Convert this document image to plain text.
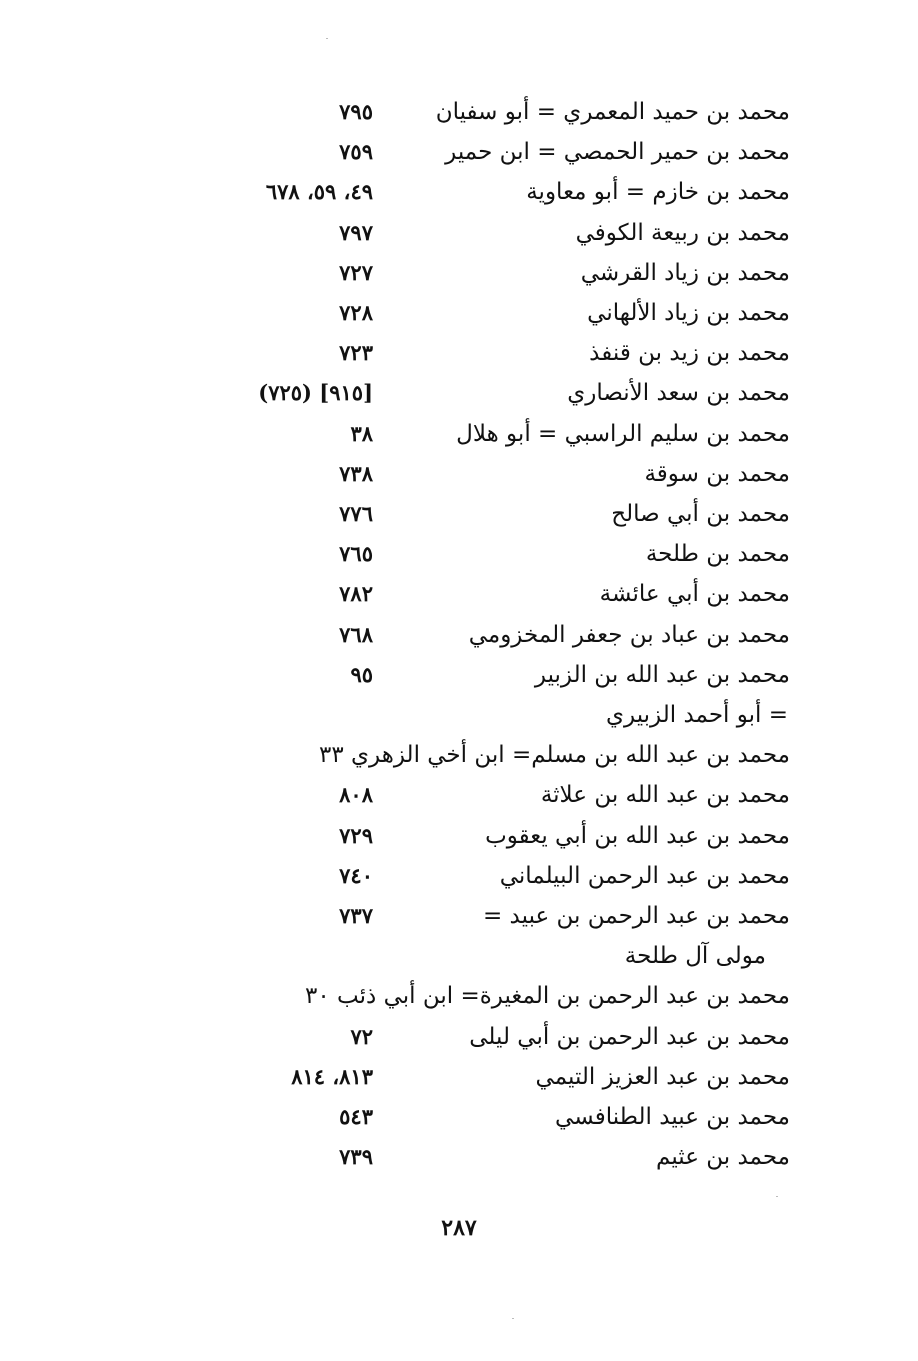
محمد بن حميد المعمري = أبو سفيان
٧٩٥
محمد بن حمير الحمصي = ابن حمير
٧٥٩
محمد بن خازم = أبو معاوية
٤٩، ٥٩، ٦٧٨
محمد بن ربيعة الكوفي
٧٩٧
محمد بن زياد القرشي
٧٢٧
محمد بن زياد الألهاني
٧٢٨
محمد بن زيد بن قنفذ
٧٢٣
محمد بن سعد الأنصاري
[٩١٥] (٧٢٥)
محمد بن سليم الراسبي = أبو هلال
٣٨
محمد بن سوقة
٧٣٨
محمد بن أبي صالح
٧٧٦
محمد بن طلحة
٧٦٥
محمد بن أبي عائشة
٧٨٢
محمد بن عباد بن جعفر المخزومي
٧٦٨
محمد بن عبد الله بن الزبير
٩٥
= أبو أحمد الزبيري
محمد بن عبد الله بن مسلم= ابن أخي الزهري ٣٣
محمد بن عبد الله بن علاثة
٨٠٨
محمد بن عبد الله بن أبي يعقوب
٧٢٩
محمد بن عبد الرحمن البيلماني
٧٤٠
محمد بن عبد الرحمن بن عبيد =
٧٣٧
مولى آل طلحة
محمد بن عبد الرحمن بن المغيرة= ابن أبي ذئب ٣٠
محمد بن عبد الرحمن بن أبي ليلى
٧٢
محمد بن عبد العزيز التيمي
٨١٣، ٨١٤
محمد بن عبيد الطنافسي
٥٤٣
محمد بن عثيم
٧٣٩
٢٨٧
